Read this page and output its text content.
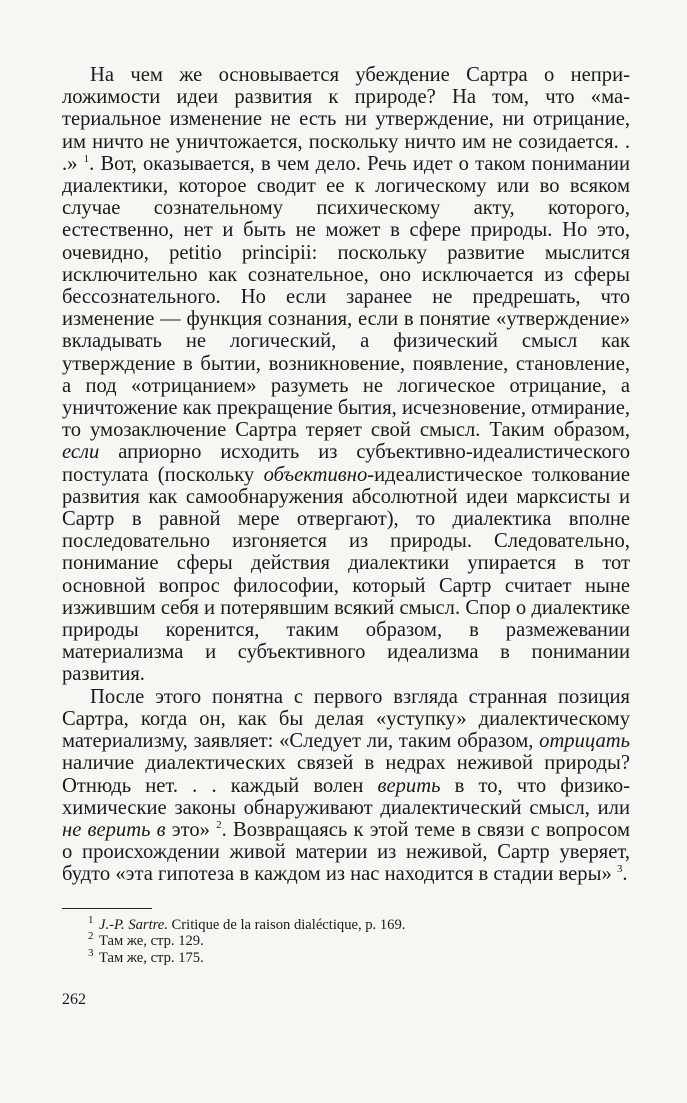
На чем же основывается убеждение Сартра о неприложимости идеи развития к природе? На том, что «материальное изменение не есть ни утверждение, ни отрицание, им ничто не уничтожается, поскольку ничто им не созидается. . .» $^1$. Вот, оказывается, в чем дело. Речь идет о таком понимании диалектики, которое сводит ее к логическому или во всяком случае сознательному психическому акту, которого, естественно, нет и быть не может в сфере природы. Но это, очевидно, petitio principii: поскольку развитие мыслится исключительно как сознательное, оно исключается из сферы бессознательного. Но если заранее не предрешать, что изменение — функция сознания, если в понятие «утверждение» вкладывать не логический, а физический смысл как утверждение в бытии, возникновение, появление, становление, а под «отрицанием» разуметь не логическое отрицание, а уничтожение как прекращение бытия, исчезновение, отмирание, то умозаключение Сартра теряет свой смысл. Таким образом, если априорно исходить из субъективно-идеалистического постулата (поскольку объективно-идеалистическое толкование развития как самообнаружения абсолютной идеи марксисты и Сартр в равной мере отвергают), то диалектика вполне последовательно изгоняется из природы. Следовательно, понимание сферы действия диалектики упирается в тот основной вопрос философии, который Сартр считает ныне изжившим себя и потерявшим всякий смысл. Спор о диалектике природы коренится, таким образом, в размежевании материализма и субъективного идеализма в понимании развития.

После этого понятна с первого взгляда странная позиция Сартра, когда он, как бы делая «уступку» диалектическому материализму, заявляет: «Следует ли, таким образом, отрицать наличие диалектических связей в недрах неживой природы? Отнюдь нет. . . каждый волен верить в то, что физико-химические законы обнаруживают диалектический смысл, или не верить в это» $^2$. Возвращаясь к этой теме в связи с вопросом о происхождении живой материи из неживой, Сартр уверяет, будто «эта гипотеза в каждом из нас находится в стадии веры» $^3$.

1 J.-P. Sartre. Critique de la raison dialéctique, p. 169.

2 Там же, стр. 129.

3 Там же, стр. 175.

262
